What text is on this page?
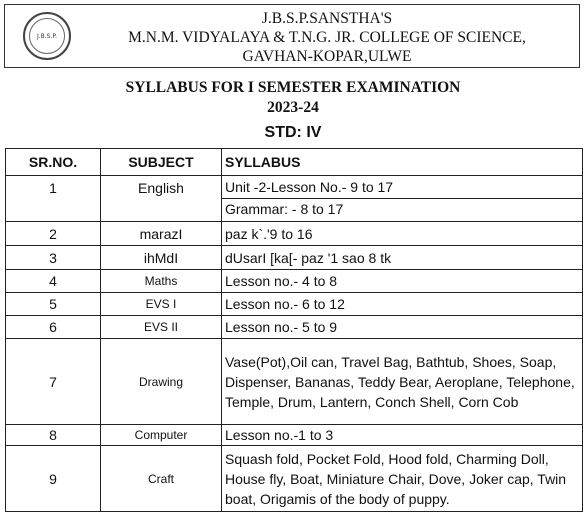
J.B.S.P.
J.B.S.P.SANSTHA'S
M.N.M. VIDYALAYA & T.N.G. JR. COLLEGE OF SCIENCE,
GAVHAN-KOPAR,ULWE
SYLLABUS FOR I SEMESTER EXAMINATION
2023-24
STD: IV
SR.NO.	SUBJECT	SYLLABUS
1	English	Unit -2-Lesson No.- 9 to 17
Grammar: - 8 to 17

2	marazI	paz k`.'9 to 16
3	ihMdI	dUsarI [ka[- paz '1 sao 8 tk
4	Maths	Lesson no.- 4 to 8
5	EVS I	Lesson no.- 6 to 12
6	EVS II	Lesson no.- 5 to 9
7	Drawing	Vase(Pot),Oil can, Travel Bag, Bathtub, Shoes, Soap, Dispenser, Bananas, Teddy Bear, Aeroplane, Telephone, Temple, Drum, Lantern, Conch Shell, Corn Cob
8	Computer	Lesson no.-1 to 3
9	Craft	Squash fold, Pocket Fold, Hood fold, Charming Doll, House fly, Boat, Miniature Chair, Dove, Joker cap, Twin boat, Origamis of the body of puppy.
